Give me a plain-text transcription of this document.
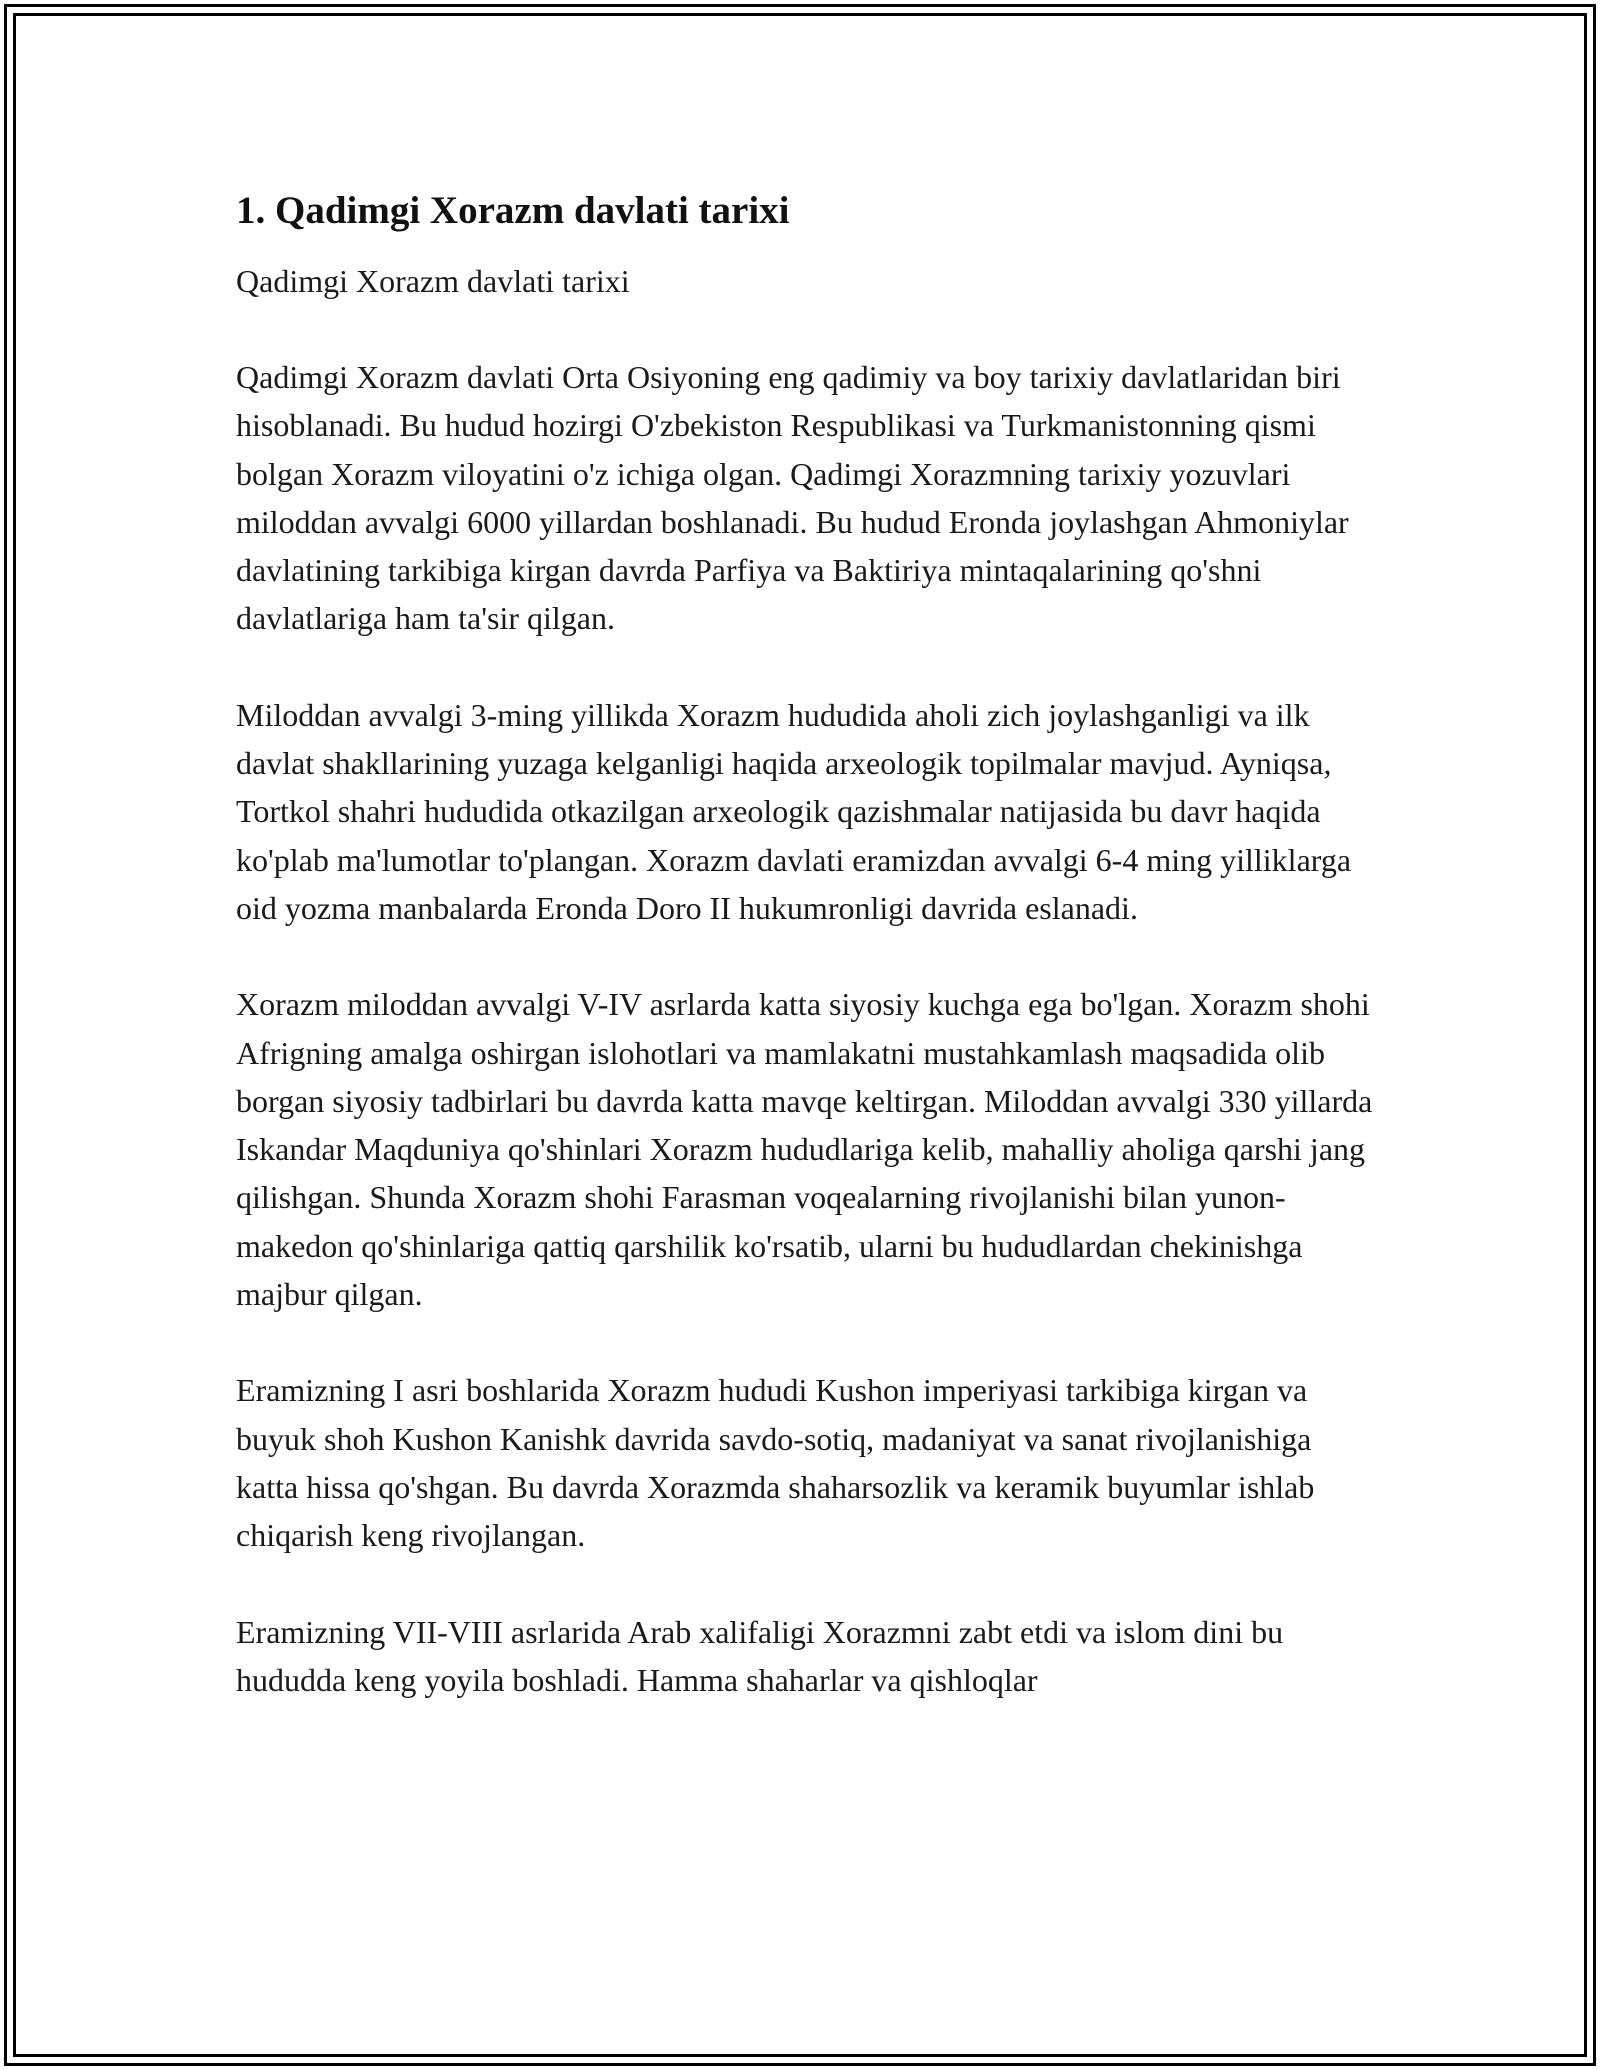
1. Qadimgi Xorazm davlati tarixi

Qadimgi Xorazm davlati tarixi

Qadimgi Xorazm davlati Orta Osiyoning eng qadimiy va boy tarixiy davlatlaridan biri hisoblanadi. Bu hudud hozirgi O'zbekiston Respublikasi va Turkmanistonning qismi bolgan Xorazm viloyatini o'z ichiga olgan. Qadimgi Xorazmning tarixiy yozuvlari miloddan avvalgi 6000 yillardan boshlanadi. Bu hudud Eronda joylashgan Ahmoniylar davlatining tarkibiga kirgan davrda Parfiya va Baktiriya mintaqalarining qo'shni davlatlariga ham ta'sir qilgan.

Miloddan avvalgi 3-ming yillikda Xorazm hududida aholi zich joylashganligi va ilk davlat shakllarining yuzaga kelganligi haqida arxeologik topilmalar mavjud. Ayniqsa, Tortkol shahri hududida otkazilgan arxeologik qazishmalar natijasida bu davr haqida ko'plab ma'lumotlar to'plangan. Xorazm davlati eramizdan avvalgi 6-4 ming yilliklarga oid yozma manbalarda Eronda Doro II hukumronligi davrida eslanadi.

Xorazm miloddan avvalgi V-IV asrlarda katta siyosiy kuchga ega bo'lgan. Xorazm shohi Afrigning amalga oshirgan islohotlari va mamlakatni mustahkamlash maqsadida olib borgan siyosiy tadbirlari bu davrda katta mavqe keltirgan. Miloddan avvalgi 330 yillarda Iskandar Maqduniya qo'shinlari Xorazm hududlariga kelib, mahalliy aholiga qarshi jang qilishgan. Shunda Xorazm shohi Farasman voqealarning rivojlanishi bilan yunon-makedon qo'shinlariga qattiq qarshilik ko'rsatib, ularni bu hududlardan chekinishga majbur qilgan.

Eramizning I asri boshlarida Xorazm hududi Kushon imperiyasi tarkibiga kirgan va buyuk shoh Kushon Kanishk davrida savdo-sotiq, madaniyat va sanat rivojlanishiga katta hissa qo'shgan. Bu davrda Xorazmda shaharsozlik va keramik buyumlar ishlab chiqarish keng rivojlangan.

Eramizning VII-VIII asrlarida Arab xalifaligi Xorazmni zabt etdi va islom dini bu hududda keng yoyila boshladi. Hamma shaharlar va qishloqlar
